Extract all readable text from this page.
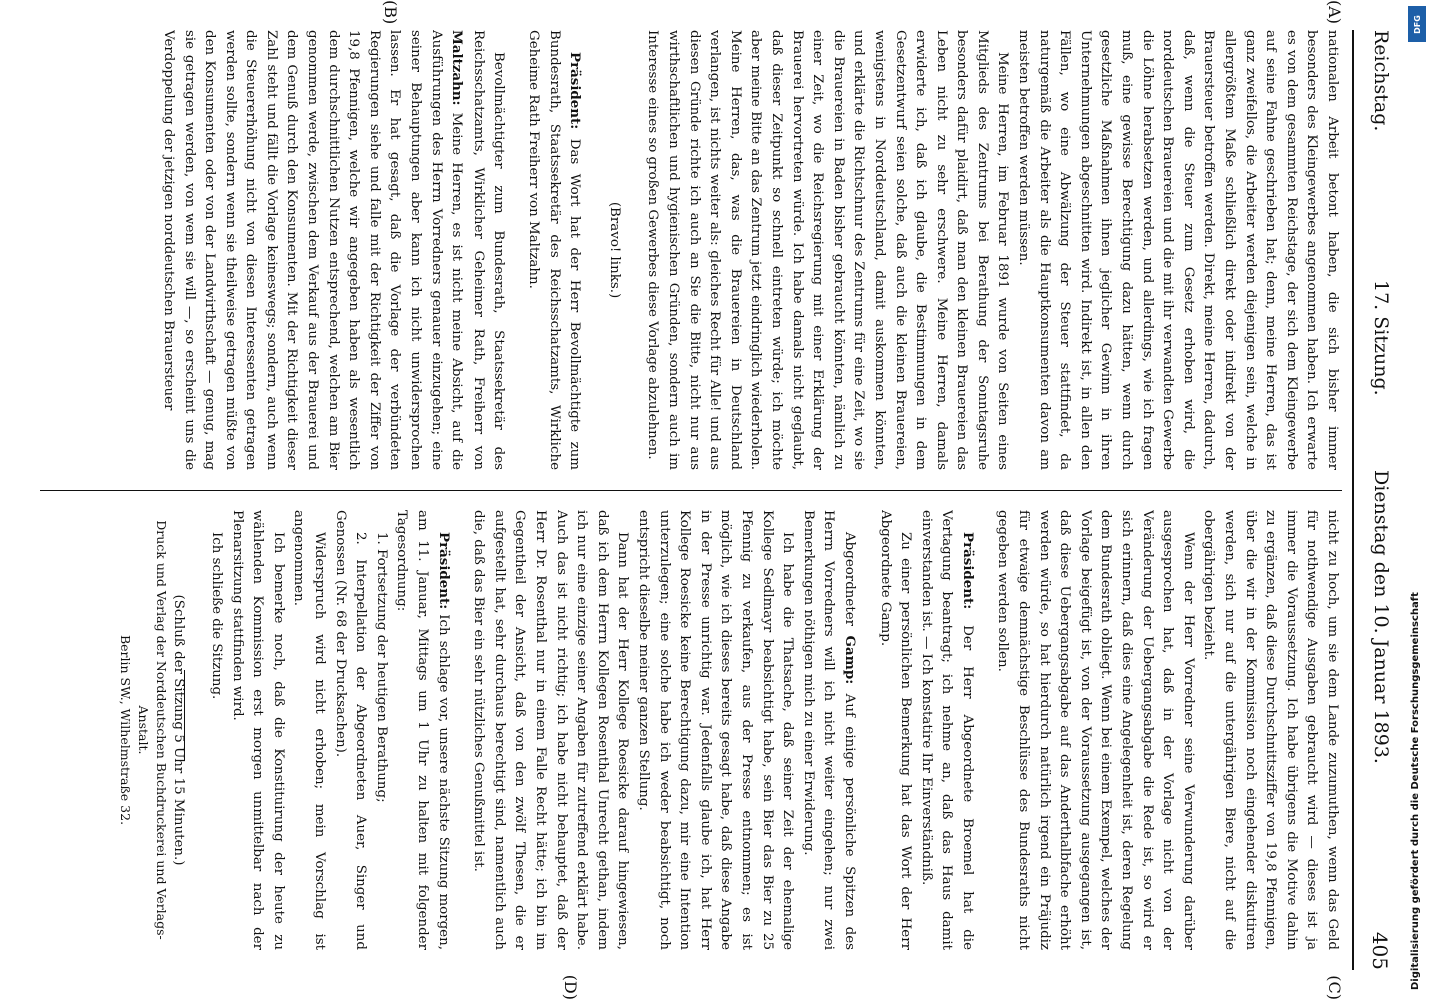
Reichstag.
17. Sitzung.
Dienstag den 10. Januar 1893.
405
(A)
(B)
(C)
(D)

nationalen Arbeit betont haben, die sich bisher immer besonders des Kleingewerbes angenommen haben. Ich erwarte es von dem gesammten Reichstage, der sich dem Kleingewerbe auf seine Fahne geschrieben hat; denn, meine Herren, das ist ganz zweifellos, die Arbeiter werden diejenigen sein, welche in allergrößtem Maße schließlich direkt oder indirekt von der Brauersteuer betroffen werden. Direkt, meine Herren, dadurch, daß, wenn die Steuer zum Gesetz erhoben wird, die norddeutschen Brauereien und die mit ihr verwandten Gewerbe die Löhne herabsetzen werden, und allerdings, wie ich fragen muß, eine gewisse Berechtigung dazu hätten, wenn durch gesetzliche Maßnahmen ihnen jeglicher Gewinn in ihren Unternehmungen abgeschnitten wird. Indirekt ist, in allen den Fällen, wo eine Abwälzung der Steuer stattfindet, da naturgemäß die Arbeiter als die Hauptkonsumenten davon am meisten betroffen werden müssen.

Meine Herren, im Februar 1891 wurde von Seiten eines Mitglieds des Zentrums bei Berathung der Sonntagsruhe besonders dafür plaidirt, daß man den kleinen Brauereien das Leben nicht zu sehr erschwere. Meine Herren, damals erwiderte ich, daß ich glaube, die Bestimmungen in dem Gesetzentwurf seien solche, daß auch die kleinen Brauereien, wenigstens in Norddeutschland, damit auskommen könnten, und erklärte die Richtschnur des Zentrums für eine Zeit, wo sie die Brauereien in Baden bisher gebraucht könnten, nämlich zu einer Zeit, wo die Reichsregierung mit einer Erklärung der Brauerei hervortreten würde. Ich habe damals nicht geglaubt, daß dieser Zeitpunkt so schnell eintreten würde; ich möchte aber meine Bitte an das Zentrum jetzt eindringlich wiederholen. Meine Herren, das, was die Brauereien in Deutschland verlangen, ist nichts weiter als: gleiches Recht für Alle! und aus diesen Gründe richte ich auch an Sie die Bitte, nicht nur aus wirthschaftlichen und hygienischen Gründen, sondern auch im Interesse eines so großen Gewerbes diese Vorlage abzulehnen.

(Bravo! links.)

Präsident: Das Wort hat der Herr Bevollmächtigte zum Bundesrath, Staatssekretär des Reichsschatzamts, Wirkliche Geheime Rath Freiherr von Maltzahn.

Bevollmächtigter zum Bundesrath, Staatssekretär des Reichsschatzamts, Wirklicher Geheimer Rath, Freiherr von Maltzahn: Meine Herren, es ist nicht meine Absicht, auf die Ausführungen des Herrn Vorredners genauer einzugehen; eine seiner Behauptungen aber kann ich nicht unwidersprochen lassen. Er hat gesagt, daß die Vorlage der verbündeten Regierungen siehe und falle mit der Richtigkeit der Ziffer von 19,8 Pfennigen, welche wir angegeben haben als wesentlich dem durchschnittlichen Nutzen entsprechend, welchen am Bier genommen werde, zwischen dem Verkauf aus der Brauerei und dem Genuß durch den Konsumenten. Mit der Richtigkeit dieser Zahl steht und fällt die Vorlage keineswegs; sondern, auch wenn die Steuererhöhung nicht von diesen Interessenten getragen werden sollte, sondern wenn sie theilweise getragen müßte von den Konsumenten oder von der Landwirthschaft — genug, mag sie getragen werden, von wem sie will —, so erscheint uns die Verdoppelung der jetzigen norddeutschen Brauersteuer

nicht zu hoch, um sie dem Lande zuzumuthen, wenn das Geld für nothwendige Ausgaben gebraucht wird — dieses ist ja immer die Voraussetzung. Ich habe übrigens die Motive dahin zu ergänzen, daß diese Durchschnittsziffer von 19,8 Pfennigen, über die wir in der Kommission noch eingehender diskutiren werden, sich nur auf die untergährigen Biere, nicht auf die obergährigen bezieht.

Wenn der Herr Vorredner seine Verwunderung darüber ausgesprochen hat, daß in der Vorlage nicht von der Veränderung der Uebergangsabgabe die Rede ist, so wird er sich erinnern, daß dies eine Angelegenheit ist, deren Regelung dem Bundesrath obliegt. Wenn bei einem Exempel, welches der Vorlage beigefügt ist, von der Voraussetzung ausgegangen ist, daß diese Uebergangsabgabe auf das Anderthalbfache erhöht werden würde, so hat hierdurch natürlich irgend ein Präjudiz für etwaige demnächstige Beschlüsse des Bundesraths nicht gegeben werden sollen.

Präsident: Der Herr Abgeordnete Broemel hat die Vertagung beantragt; ich nehme an, daß das Haus damit einverstanden ist. — Ich konstatire Ihr Einverständniß.

Zu einer persönlichen Bemerkung hat das Wort der Herr Abgeordnete Gamp.

Abgeordneter Gamp: Auf einige persönliche Spitzen des Herrn Vorredners will ich nicht weiter eingehen; nur zwei Bemerkungen nöthigen mich zu einer Erwiderung.

Ich habe die Thatsache, daß seiner Zeit der ehemalige Kollege Sedlmayr beabsichtigt habe, sein Bier das Bier zu 25 Pfennig zu verkaufen, aus der Presse entnommen; es ist möglich, wie ich dieses bereits gesagt habe, daß diese Angabe in der Presse unrichtig war. Jedenfalls glaube ich, hat Herr Kollege Roesicke keine Berechtigung dazu, mir eine Intention unterzulegen; eine solche habe ich weder beabsichtigt, noch entspricht dieselbe meiner ganzen Stellung.

Dann hat der Herr Kollege Roesicke darauf hingewiesen, daß ich dem Herrn Kollegen Rosenthal Unrecht gethan, indem ich nur eine einzige seiner Angaben für zutreffend erklärt habe. Auch das ist nicht richtig; ich habe nicht behauptet, daß der Herr Dr. Rosenthal nur in einem Falle Recht hätte; ich bin im Gegentheil der Ansicht, daß von den zwölf Thesen, die er aufgestellt hat, sehr durchaus berechtigt sind, namentlich auch die, daß das Bier ein sehr nützliches Genußmittel ist.

Präsident: Ich schlage vor, unsere nächste Sitzung morgen, am 11. Januar, Mittags um 1 Uhr zu halten mit folgender Tagesordnung:

1. Fortsetzung der heutigen Berathung;

2. Interpellation der Abgeordneten Auer, Singer und Genossen (Nr. 68 der Drucksachen).

Widerspruch wird nicht erhoben; mein Vorschlag ist angenommen.

Ich bemerke noch, daß die Konstituirung der heute zu wählenden Kommission erst morgen unmittelbar nach der Plenarsitzung stattfinden wird.

Ich schließe die Sitzung.

(Schluß der Sitzung 5 Uhr 15 Minuten.)

Druck und Verlag der Norddeutschen Buchdruckerei und Verlags-Anstalt.
Berlin SW., Wilhelmstraße 32.
DFG
Digitalisierung gefördert durch die Deutsche Forschungsgemeinschaft
